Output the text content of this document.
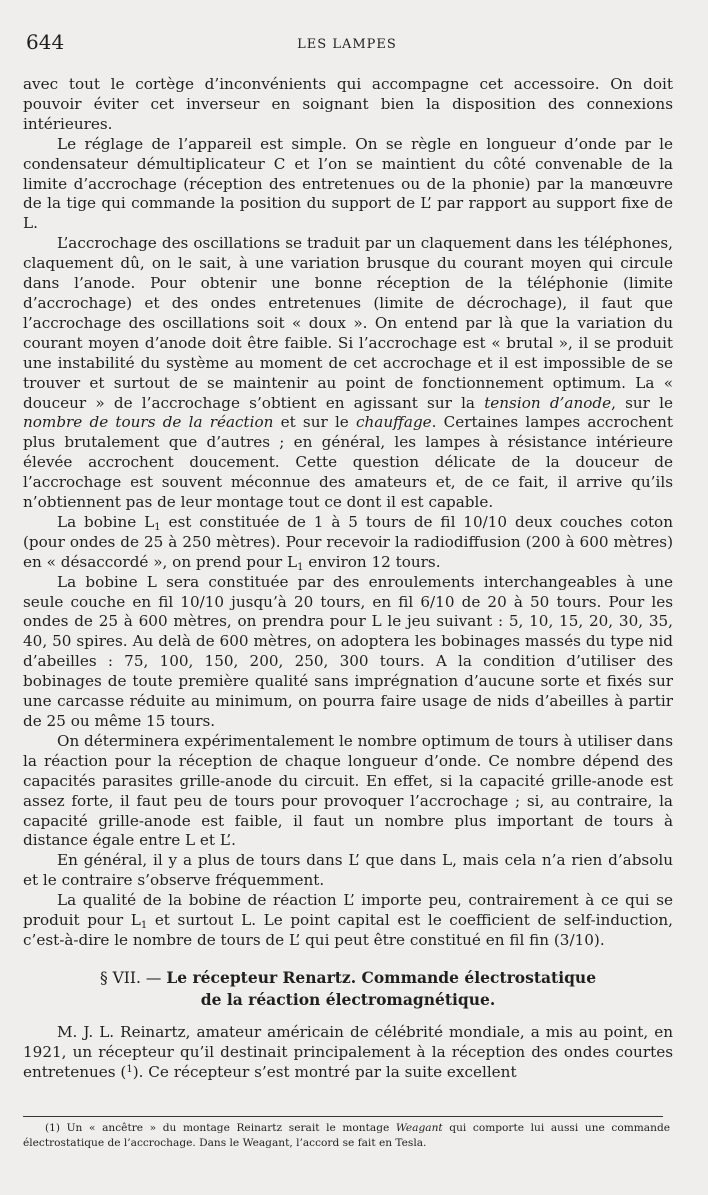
644	LES LAMPES

avec tout le cortège d’inconvénients qui accompagne cet accessoire. On doit pouvoir éviter cet inverseur en soignant bien la disposition des connexions intérieures.

Le réglage de l’appareil est simple. On se règle en longueur d’onde par le condensateur démultiplicateur C et l’on se maintient du côté convenable de la limite d’accrochage (réception des entretenues ou de la phonie) par la manœuvre de la tige qui commande la position du support de L’ par rapport au support fixe de L.

L’accrochage des oscillations se traduit par un claquement dans les téléphones, claquement dû, on le sait, à une variation brusque du courant moyen qui circule dans l’anode. Pour obtenir une bonne réception de la téléphonie (limite d’accrochage) et des ondes entretenues (limite de décrochage), il faut que l’accrochage des oscillations soit « doux ». On entend par là que la variation du courant moyen d’anode doit être faible. Si l’accrochage est « brutal », il se produit une instabilité du système au moment de cet accrochage et il est impossible de se trouver et surtout de se maintenir au point de fonctionnement optimum. La « douceur » de l’accrochage s’obtient en agissant sur la tension d’anode, sur le nombre de tours de la réaction et sur le chauffage. Certaines lampes accrochent plus brutalement que d’autres ; en général, les lampes à résistance intérieure élevée accrochent doucement. Cette question délicate de la douceur de l’accrochage est souvent méconnue des amateurs et, de ce fait, il arrive qu’ils n’obtiennent pas de leur montage tout ce dont il est capable.

La bobine $L_1$ est constituée de 1 à 5 tours de fil 10/10 deux couches coton (pour ondes de 25 à 250 mètres). Pour recevoir la radiodiffusion (200 à 600 mètres) en « désaccordé », on prend pour $L_1$ environ 12 tours.

La bobine L sera constituée par des enroulements interchangeables à une seule couche en fil 10/10 jusqu’à 20 tours, en fil 6/10 de 20 à 50 tours. Pour les ondes de 25 à 600 mètres, on prendra pour L le jeu suivant : 5, 10, 15, 20, 30, 35, 40, 50 spires. Au delà de 600 mètres, on adoptera les bobinages massés du type nid d’abeilles : 75, 100, 150, 200, 250, 300 tours. A la condition d’utiliser des bobinages de toute première qualité sans imprégnation d’aucune sorte et fixés sur une carcasse réduite au minimum, on pourra faire usage de nids d’abeilles à partir de 25 ou même 15 tours.

On déterminera expérimentalement le nombre optimum de tours à utiliser dans la réaction pour la réception de chaque longueur d’onde. Ce nombre dépend des capacités parasites grille-anode du circuit. En effet, si la capacité grille-anode est assez forte, il faut peu de tours pour provoquer l’accrochage ; si, au contraire, la capacité grille-anode est faible, il faut un nombre plus important de tours à distance égale entre L et L’.

En général, il y a plus de tours dans L’ que dans L, mais cela n’a rien d’absolu et le contraire s’observe fréquemment.

La qualité de la bobine de réaction L’ importe peu, contrairement à ce qui se produit pour $L_1$ et surtout L. Le point capital est le coefficient de self-induction, c’est-à-dire le nombre de tours de L’ qui peut être constitué en fil fin (3/10).

§ VII. — Le récepteur Renartz. Commande électrostatique
de la réaction électromagnétique.

M. J. L. Reinartz, amateur américain de célébrité mondiale, a mis au point, en 1921, un récepteur qu’il destinait principalement à la réception des ondes courtes entretenues ($^1$). Ce récepteur s’est montré par la suite excellent

(1) Un « ancêtre » du montage Reinartz serait le montage Weagant qui comporte lui aussi une commande électrostatique de l’accrochage. Dans le Weagant, l’accord se fait en Tesla.
